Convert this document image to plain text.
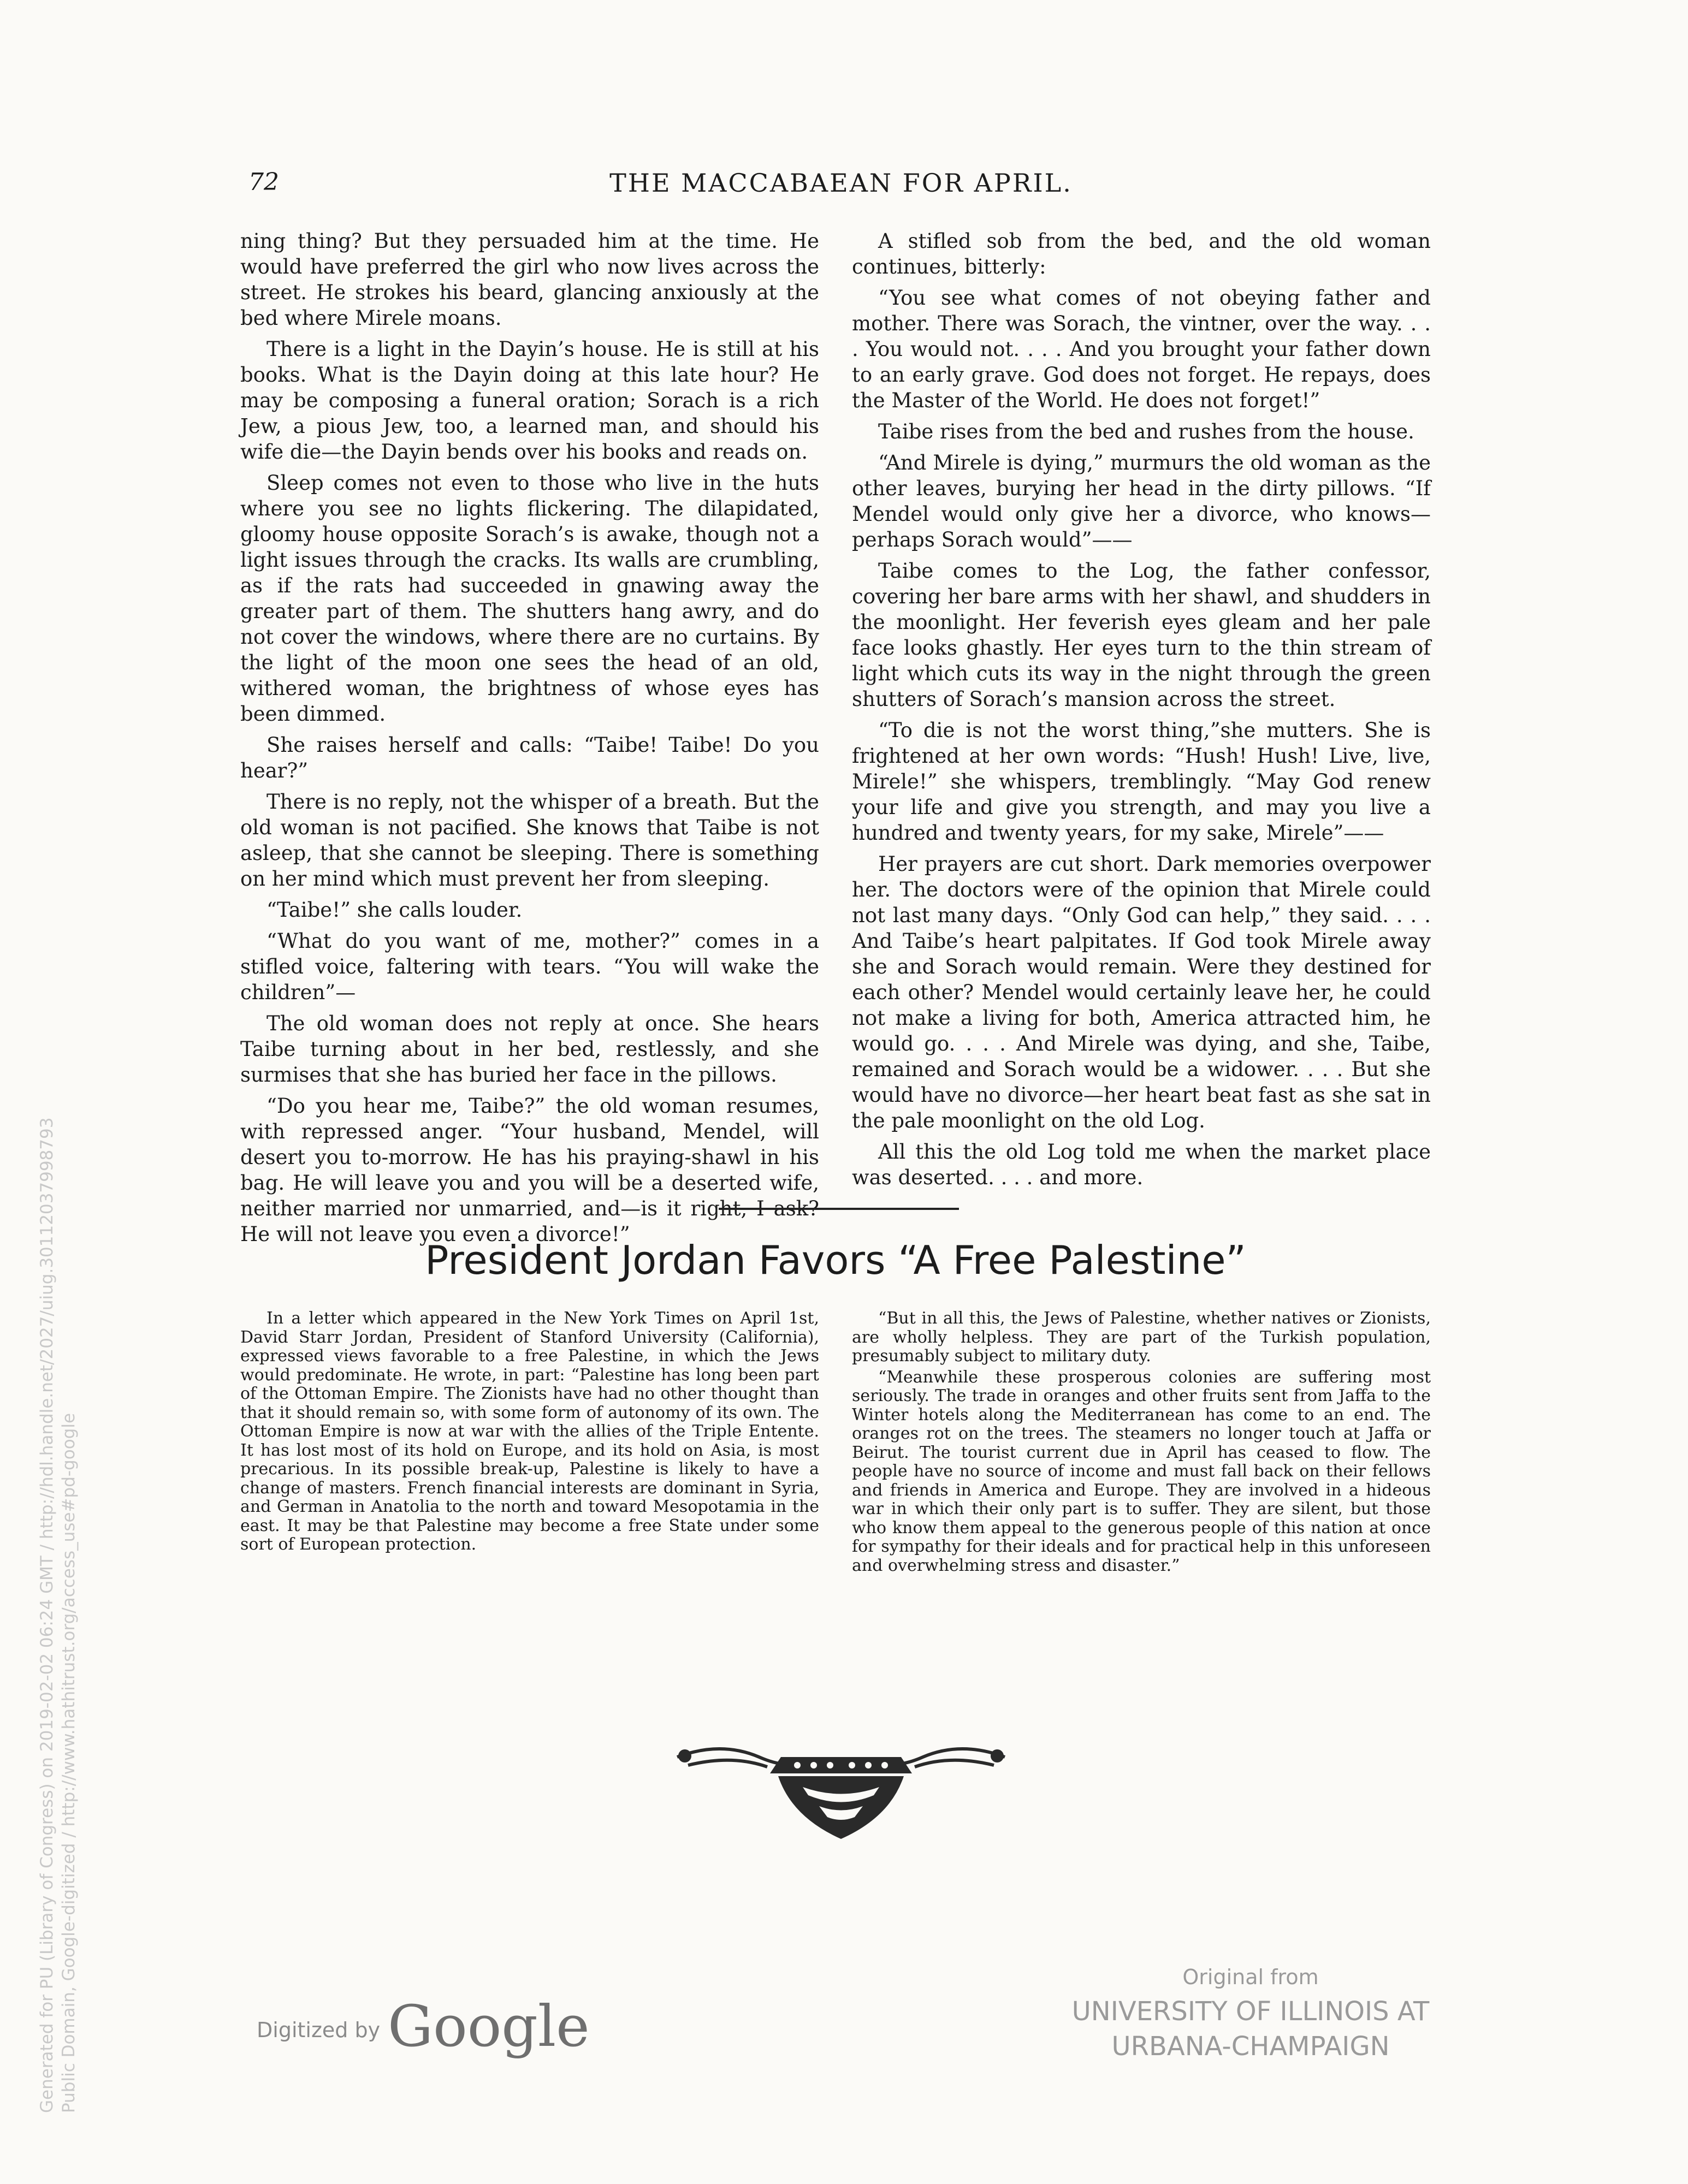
72	THE MACCABAEAN FOR APRIL.

ning thing? But they persuaded him at the time. He would have preferred the girl who now lives across the street. He strokes his beard, glancing anxiously at the bed where Mirele moans.

There is a light in the Dayin’s house. He is still at his books. What is the Dayin doing at this late hour? He may be composing a funeral oration; Sorach is a rich Jew, a pious Jew, too, a learned man, and should his wife die—the Dayin bends over his books and reads on.

Sleep comes not even to those who live in the huts where you see no lights flickering. The dilapidated, gloomy house opposite Sorach’s is awake, though not a light issues through the cracks. Its walls are crumbling, as if the rats had succeeded in gnawing away the greater part of them. The shutters hang awry, and do not cover the windows, where there are no curtains. By the light of the moon one sees the head of an old, withered woman, the brightness of whose eyes has been dimmed.

She raises herself and calls: “Taibe! Taibe! Do you hear?”

There is no reply, not the whisper of a breath. But the old woman is not pacified. She knows that Taibe is not asleep, that she cannot be sleeping. There is something on her mind which must prevent her from sleeping.

“Taibe!” she calls louder.

“What do you want of me, mother?” comes in a stifled voice, faltering with tears. “You will wake the children”—

The old woman does not reply at once. She hears Taibe turning about in her bed, restlessly, and she surmises that she has buried her face in the pillows.

“Do you hear me, Taibe?” the old woman resumes, with repressed anger. “Your husband, Mendel, will desert you to-morrow. He has his praying-shawl in his bag. He will leave you and you will be a deserted wife, neither married nor unmarried, and—is it right, I ask? He will not leave you even a divorce!”

A stifled sob from the bed, and the old woman continues, bitterly:

“You see what comes of not obeying father and mother. There was Sorach, the vintner, over the way. . . . You would not. . . . And you brought your father down to an early grave. God does not forget. He repays, does the Master of the World. He does not forget!”

Taibe rises from the bed and rushes from the house.

“And Mirele is dying,” murmurs the old woman as the other leaves, burying her head in the dirty pillows. “If Mendel would only give her a divorce, who knows—perhaps Sorach would”——

Taibe comes to the Log, the father confessor, covering her bare arms with her shawl, and shudders in the moonlight. Her feverish eyes gleam and her pale face looks ghastly. Her eyes turn to the thin stream of light which cuts its way in the night through the green shutters of Sorach’s mansion across the street.

“To die is not the worst thing,”she mutters. She is frightened at her own words: “Hush! Hush! Live, live, Mirele!” she whispers, tremblingly. “May God renew your life and give you strength, and may you live a hundred and twenty years, for my sake, Mirele”——

Her prayers are cut short. Dark memories overpower her. The doctors were of the opinion that Mirele could not last many days. “Only God can help,” they said. . . . And Taibe’s heart palpitates. If God took Mirele away she and Sorach would remain. Were they destined for each other? Mendel would certainly leave her, he could not make a living for both, America attracted him, he would go. . . . And Mirele was dying, and she, Taibe, remained and Sorach would be a widower. . . . But she would have no divorce—her heart beat fast as she sat in the pale moonlight on the old Log.

All this the old Log told me when the market place was deserted. . . . and more.

President Jordan Favors “A Free Palestine”

In a letter which appeared in the New York Times on April 1st, David Starr Jordan, President of Stanford University (California), expressed views favorable to a free Palestine, in which the Jews would predominate. He wrote, in part: “Palestine has long been part of the Ottoman Empire. The Zionists have had no other thought than that it should remain so, with some form of autonomy of its own. The Ottoman Empire is now at war with the allies of the Triple Entente. It has lost most of its hold on Europe, and its hold on Asia, is most precarious. In its possible break-up, Palestine is likely to have a change of masters. French financial interests are dominant in Syria, and German in Anatolia to the north and toward Mesopotamia in the east. It may be that Palestine may become a free State under some sort of European protection.

“But in all this, the Jews of Palestine, whether natives or Zionists, are wholly helpless. They are part of the Turkish population, presumably subject to military duty.

“Meanwhile these prosperous colonies are suffering most seriously. The trade in oranges and other fruits sent from Jaffa to the Winter hotels along the Mediterranean has come to an end. The oranges rot on the trees. The steamers no longer touch at Jaffa or Beirut. The tourist current due in April has ceased to flow. The people have no source of income and must fall back on their fellows and friends in America and Europe. They are involved in a hideous war in which their only part is to suffer. They are silent, but those who know them appeal to the generous people of this nation at once for sympathy for their ideals and for practical help in this unforeseen and overwhelming stress and disaster.”

Digitized by Google
Original from
UNIVERSITY OF ILLINOIS AT
URBANA-CHAMPAIGN
Generated for PU (Library of Congress) on 2019-02-02 06:24 GMT / http://hdl.handle.net/2027/uiug.30112037998793 Public Domain, Google-digitized / http://www.hathitrust.org/access_use#pd-google
